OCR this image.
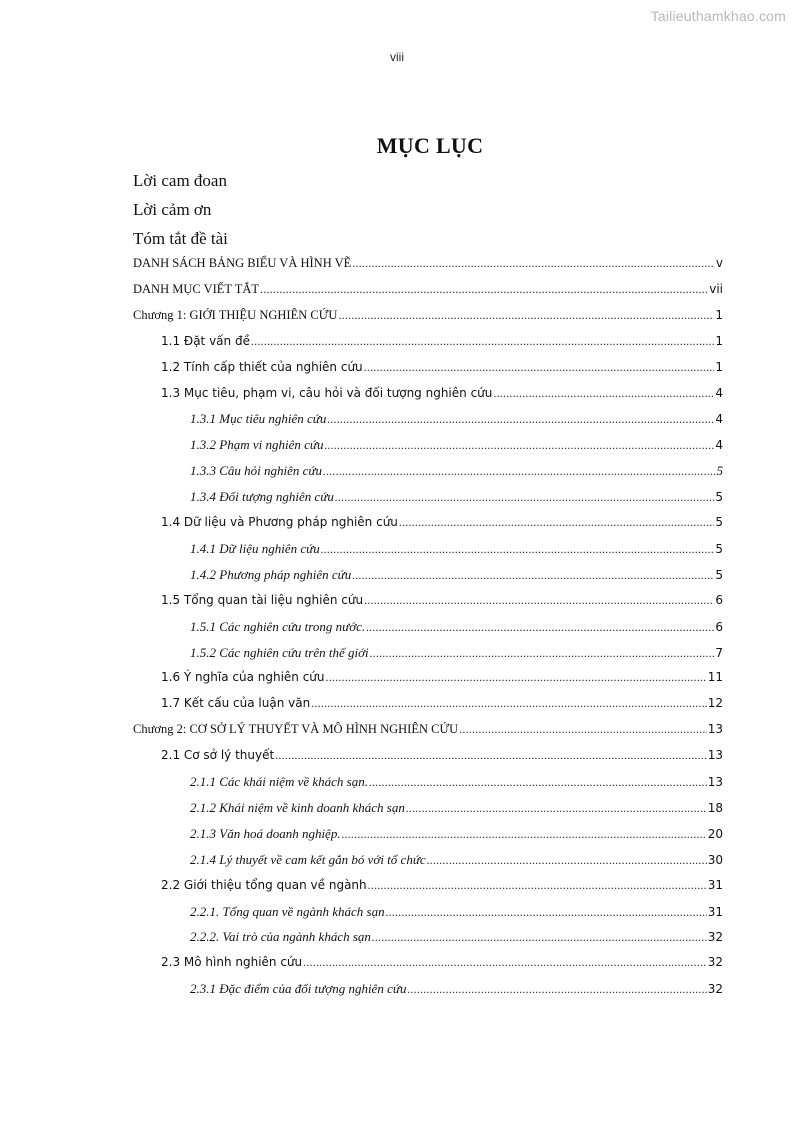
Tailieuthamkhao.com
viii
MỤC LỤC
Lời cam đoan
Lời cảm ơn
Tóm tắt đề tài
DANH SÁCH BẢNG BIỂU VÀ HÌNH VẼ .....	v
DANH MỤC VIẾT TẮT .....	vii
Chương 1: GIỚI THIỆU NGHIÊN CỨU .....	1
1.1 Đặt vấn đề .....	1
1.2 Tính cấp thiết của nghiên cứu .....	1
1.3 Mục tiêu, phạm vi, câu hỏi và đối tượng nghiên cứu .....	4
1.3.1 Mục tiêu nghiên cứu .....	4
1.3.2 Phạm vi nghiên cứu .....	4
1.3.3 Câu hỏi nghiên cứu .....	5
1.3.4 Đối tượng nghiên cứu .....	5
1.4 Dữ liệu và Phương pháp nghiên cứu .....	5
1.4.1 Dữ liệu nghiên cứu .....	5
1.4.2 Phương pháp nghiên cứu .....	5
1.5 Tổng quan tài liệu nghiên cứu .....	6
1.5.1 Các nghiên cứu trong nước. .....	6
1.5.2 Các nghiên cứu trên thế giới .....	7
1.6 Ý nghĩa của nghiên cứu .....	11
1.7 Kết cấu của luận văn .....	12
Chương 2: CƠ SỞ LÝ THUYẾT VÀ MÔ HÌNH NGHIÊN CỨU .....	13
2.1 Cơ sở lý thuyết .....	13
2.1.1 Các khái niệm về khách sạn. .....	13
2.1.2 Khái niệm về kinh doanh khách sạn .....	18
2.1.3 Văn hoá doanh nghiệp. .....	20
2.1.4 Lý thuyết về cam kết gắn bó với tổ chức .....	30
2.2 Giới thiệu tổng quan về ngành .....	31
2.2.1. Tổng quan về ngành khách sạn .....	31
2.2.2. Vai trò của ngành khách sạn .....	32
2.3 Mô hình nghiên cứu .....	32
2.3.1 Đặc điểm của đối tượng nghiên cứu .....	32
